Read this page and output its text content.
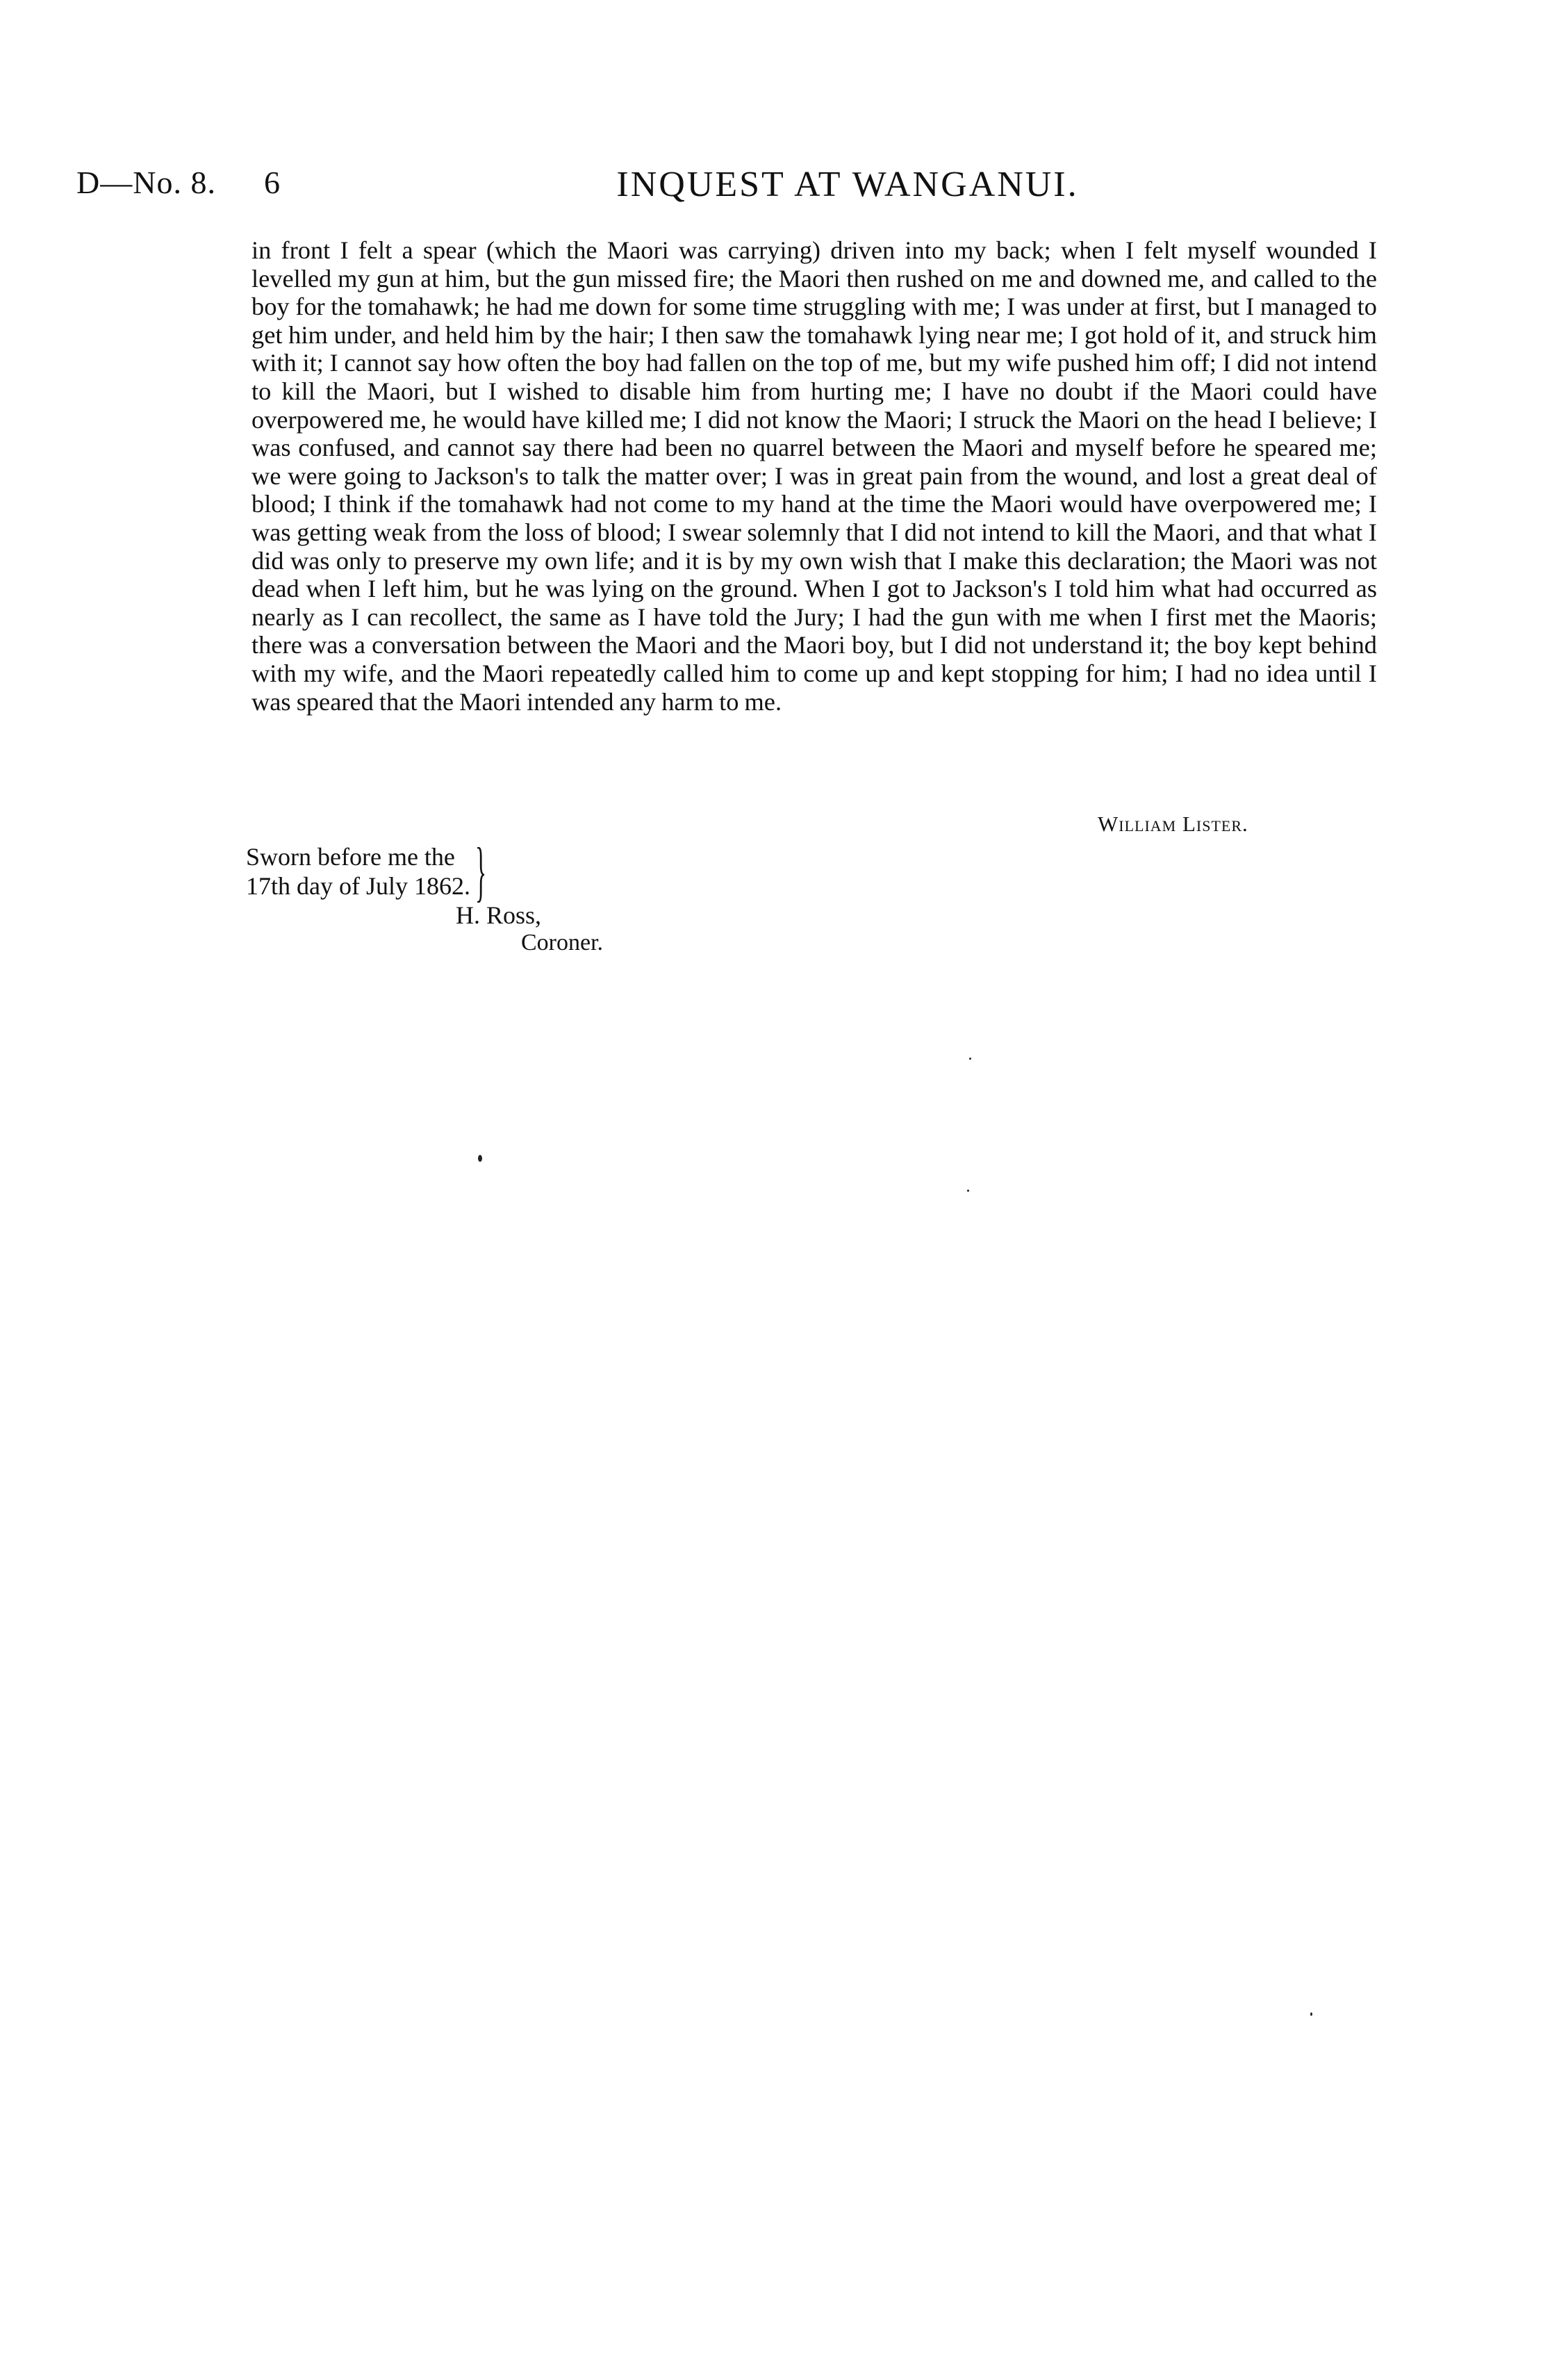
D—No. 8. 6	INQUEST AT WANGANUI.
in front I felt a spear (which the Maori was carrying) driven into my back; when I felt myself wounded I levelled my gun at him, but the gun missed fire; the Maori then rushed on me and downed me, and called to the boy for the tomahawk; he had me down for some time struggling with me; I was under at first, but I managed to get him under, and held him by the hair; I then saw the tomahawk lying near me; I got hold of it, and struck him with it; I cannot say how often the boy had fallen on the top of me, but my wife pushed him off; I did not intend to kill the Maori, but I wished to disable him from hurting me; I have no doubt if the Maori could have overpowered me, he would have killed me; I did not know the Maori; I struck the Maori on the head I believe; I was confused, and cannot say there had been no quarrel between the Maori and myself before he speared me; we were going to Jackson's to talk the matter over; I was in great pain from the wound, and lost a great deal of blood; I think if the tomahawk had not come to my hand at the time the Maori would have overpowered me; I was getting weak from the loss of blood; I swear solemnly that I did not intend to kill the Maori, and that what I did was only to preserve my own life; and it is by my own wish that I make this declaration; the Maori was not dead when I left him, but he was lying on the ground. When I got to Jackson's I told him what had occurred as nearly as I can recollect, the same as I have told the Jury; I had the gun with me when I first met the Maoris; there was a conversation between the Maori and the Maori boy, but I did not understand it; the boy kept behind with my wife, and the Maori repeatedly called him to come up and kept stopping for him; I had no idea until I was speared that the Maori intended any harm to me.
William Lister.
Sworn before me the
17th day of July 1862. }
H. Ross,
Coroner.
